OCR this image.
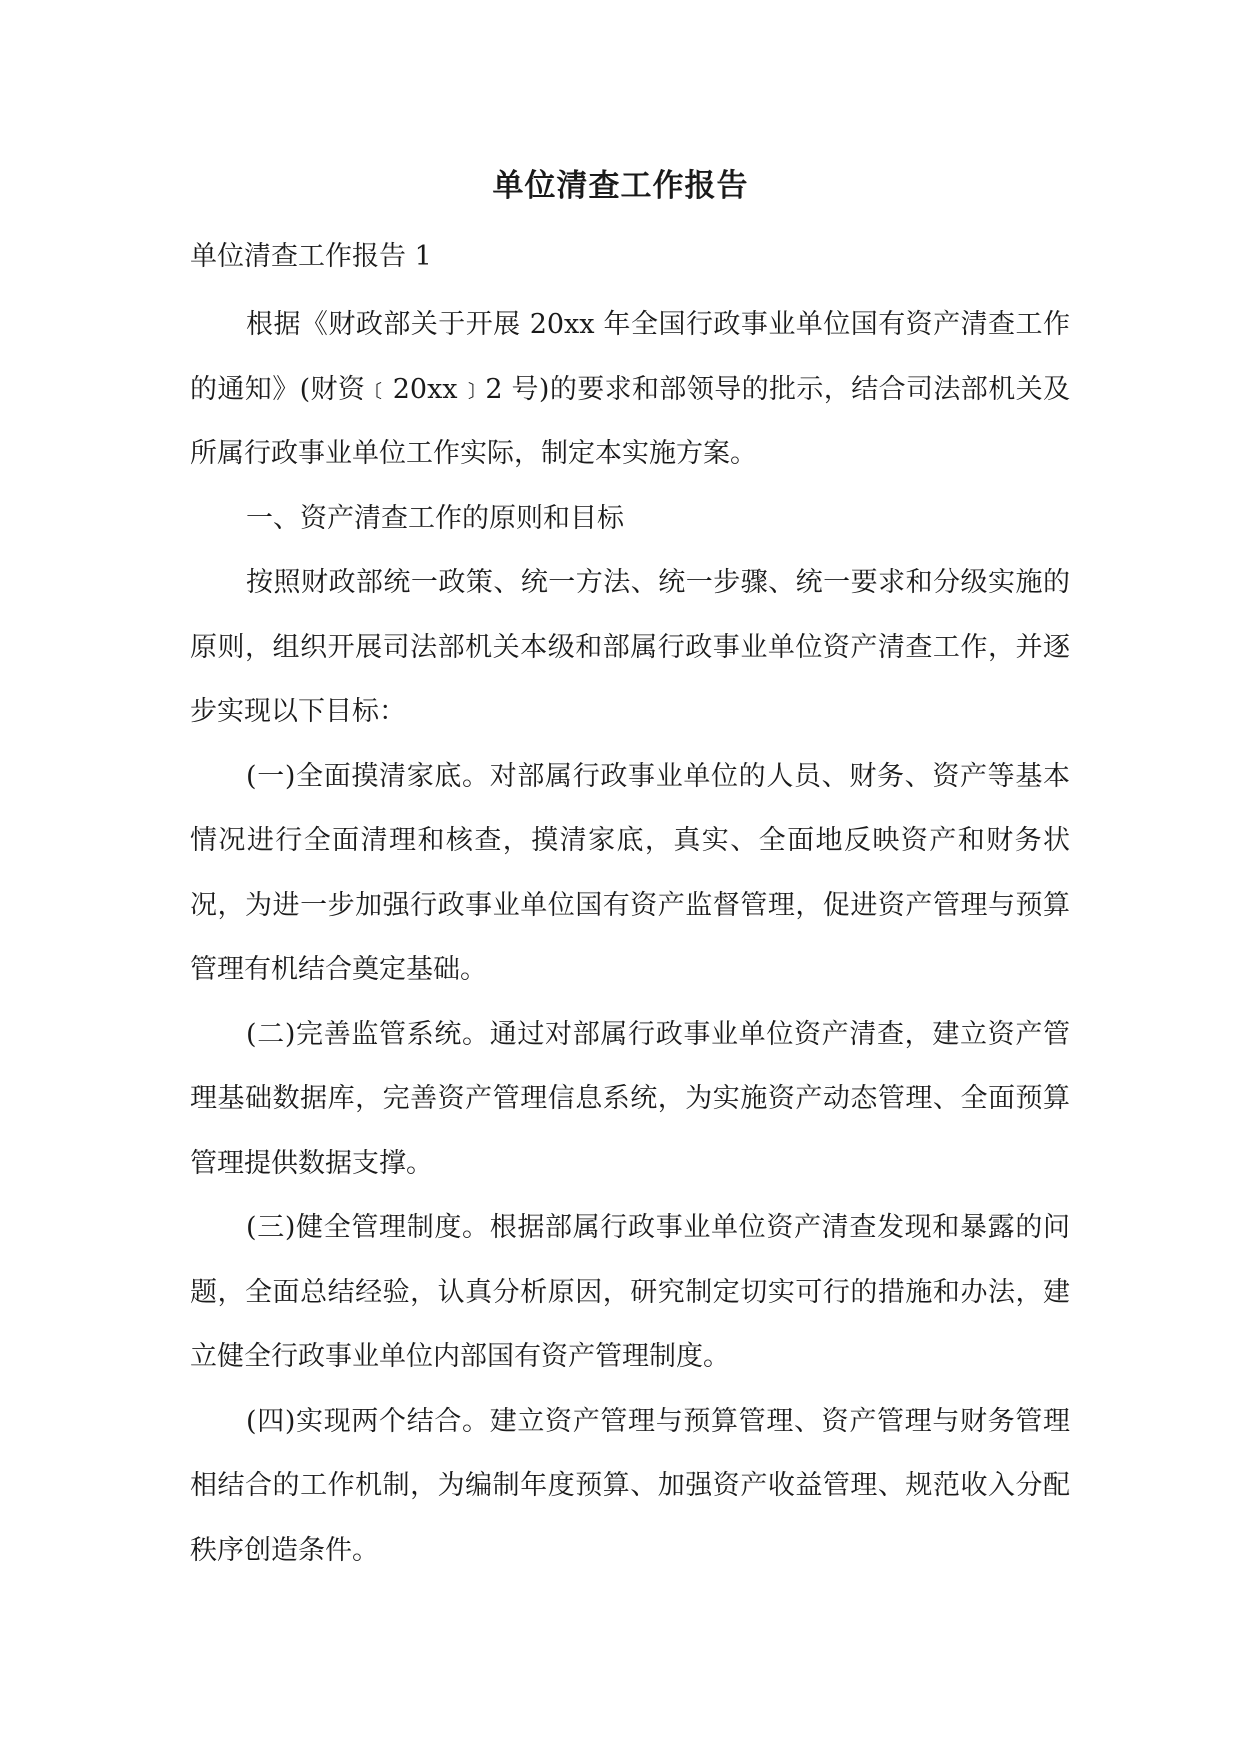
单位清查工作报告
单位清查工作报告 1

根据《财政部关于开展 20xx 年全国行政事业单位国有资产清查工作的通知》(财资﹝20xx﹞2 号)的要求和部领导的批示，结合司法部机关及所属行政事业单位工作实际，制定本实施方案。

一、资产清查工作的原则和目标

按照财政部统一政策、统一方法、统一步骤、统一要求和分级实施的原则，组织开展司法部机关本级和部属行政事业单位资产清查工作，并逐步实现以下目标：

(一)全面摸清家底。对部属行政事业单位的人员、财务、资产等基本情况进行全面清理和核查，摸清家底，真实、全面地反映资产和财务状况，为进一步加强行政事业单位国有资产监督管理，促进资产管理与预算管理有机结合奠定基础。

(二)完善监管系统。通过对部属行政事业单位资产清查，建立资产管理基础数据库，完善资产管理信息系统，为实施资产动态管理、全面预算管理提供数据支撑。

(三)健全管理制度。根据部属行政事业单位资产清查发现和暴露的问题，全面总结经验，认真分析原因，研究制定切实可行的措施和办法，建立健全行政事业单位内部国有资产管理制度。

(四)实现两个结合。建立资产管理与预算管理、资产管理与财务管理相结合的工作机制，为编制年度预算、加强资产收益管理、规范收入分配秩序创造条件。
